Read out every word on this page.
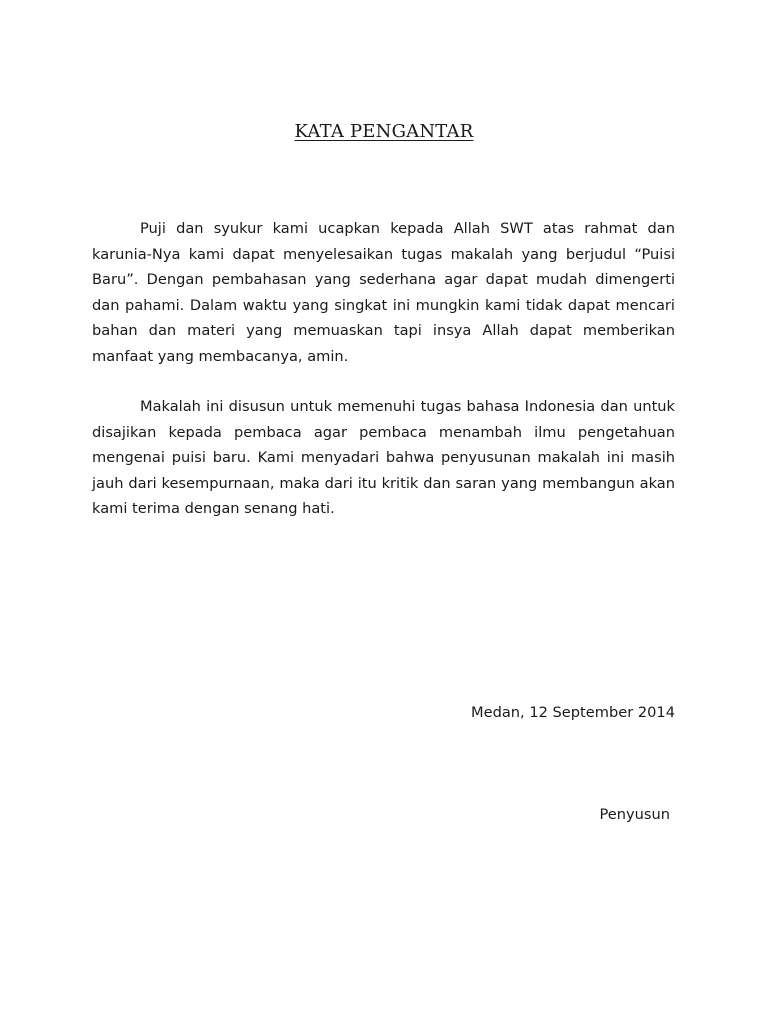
KATA PENGANTAR

Puji dan syukur kami ucapkan kepada Allah SWT atas rahmat dan karunia-Nya kami dapat menyelesaikan tugas makalah yang berjudul “Puisi Baru”. Dengan pembahasan yang sederhana agar dapat mudah dimengerti dan pahami. Dalam waktu yang singkat ini mungkin kami tidak dapat mencari bahan dan materi yang memuaskan tapi insya Allah dapat memberikan manfaat yang membacanya, amin.

Makalah ini disusun untuk memenuhi tugas bahasa Indonesia dan untuk disajikan kepada pembaca agar pembaca menambah ilmu pengetahuan mengenai puisi baru. Kami menyadari bahwa penyusunan makalah ini masih jauh dari kesempurnaan, maka dari itu kritik dan saran yang membangun akan kami terima dengan senang hati.

Medan, 12 September 2014
Penyusun
